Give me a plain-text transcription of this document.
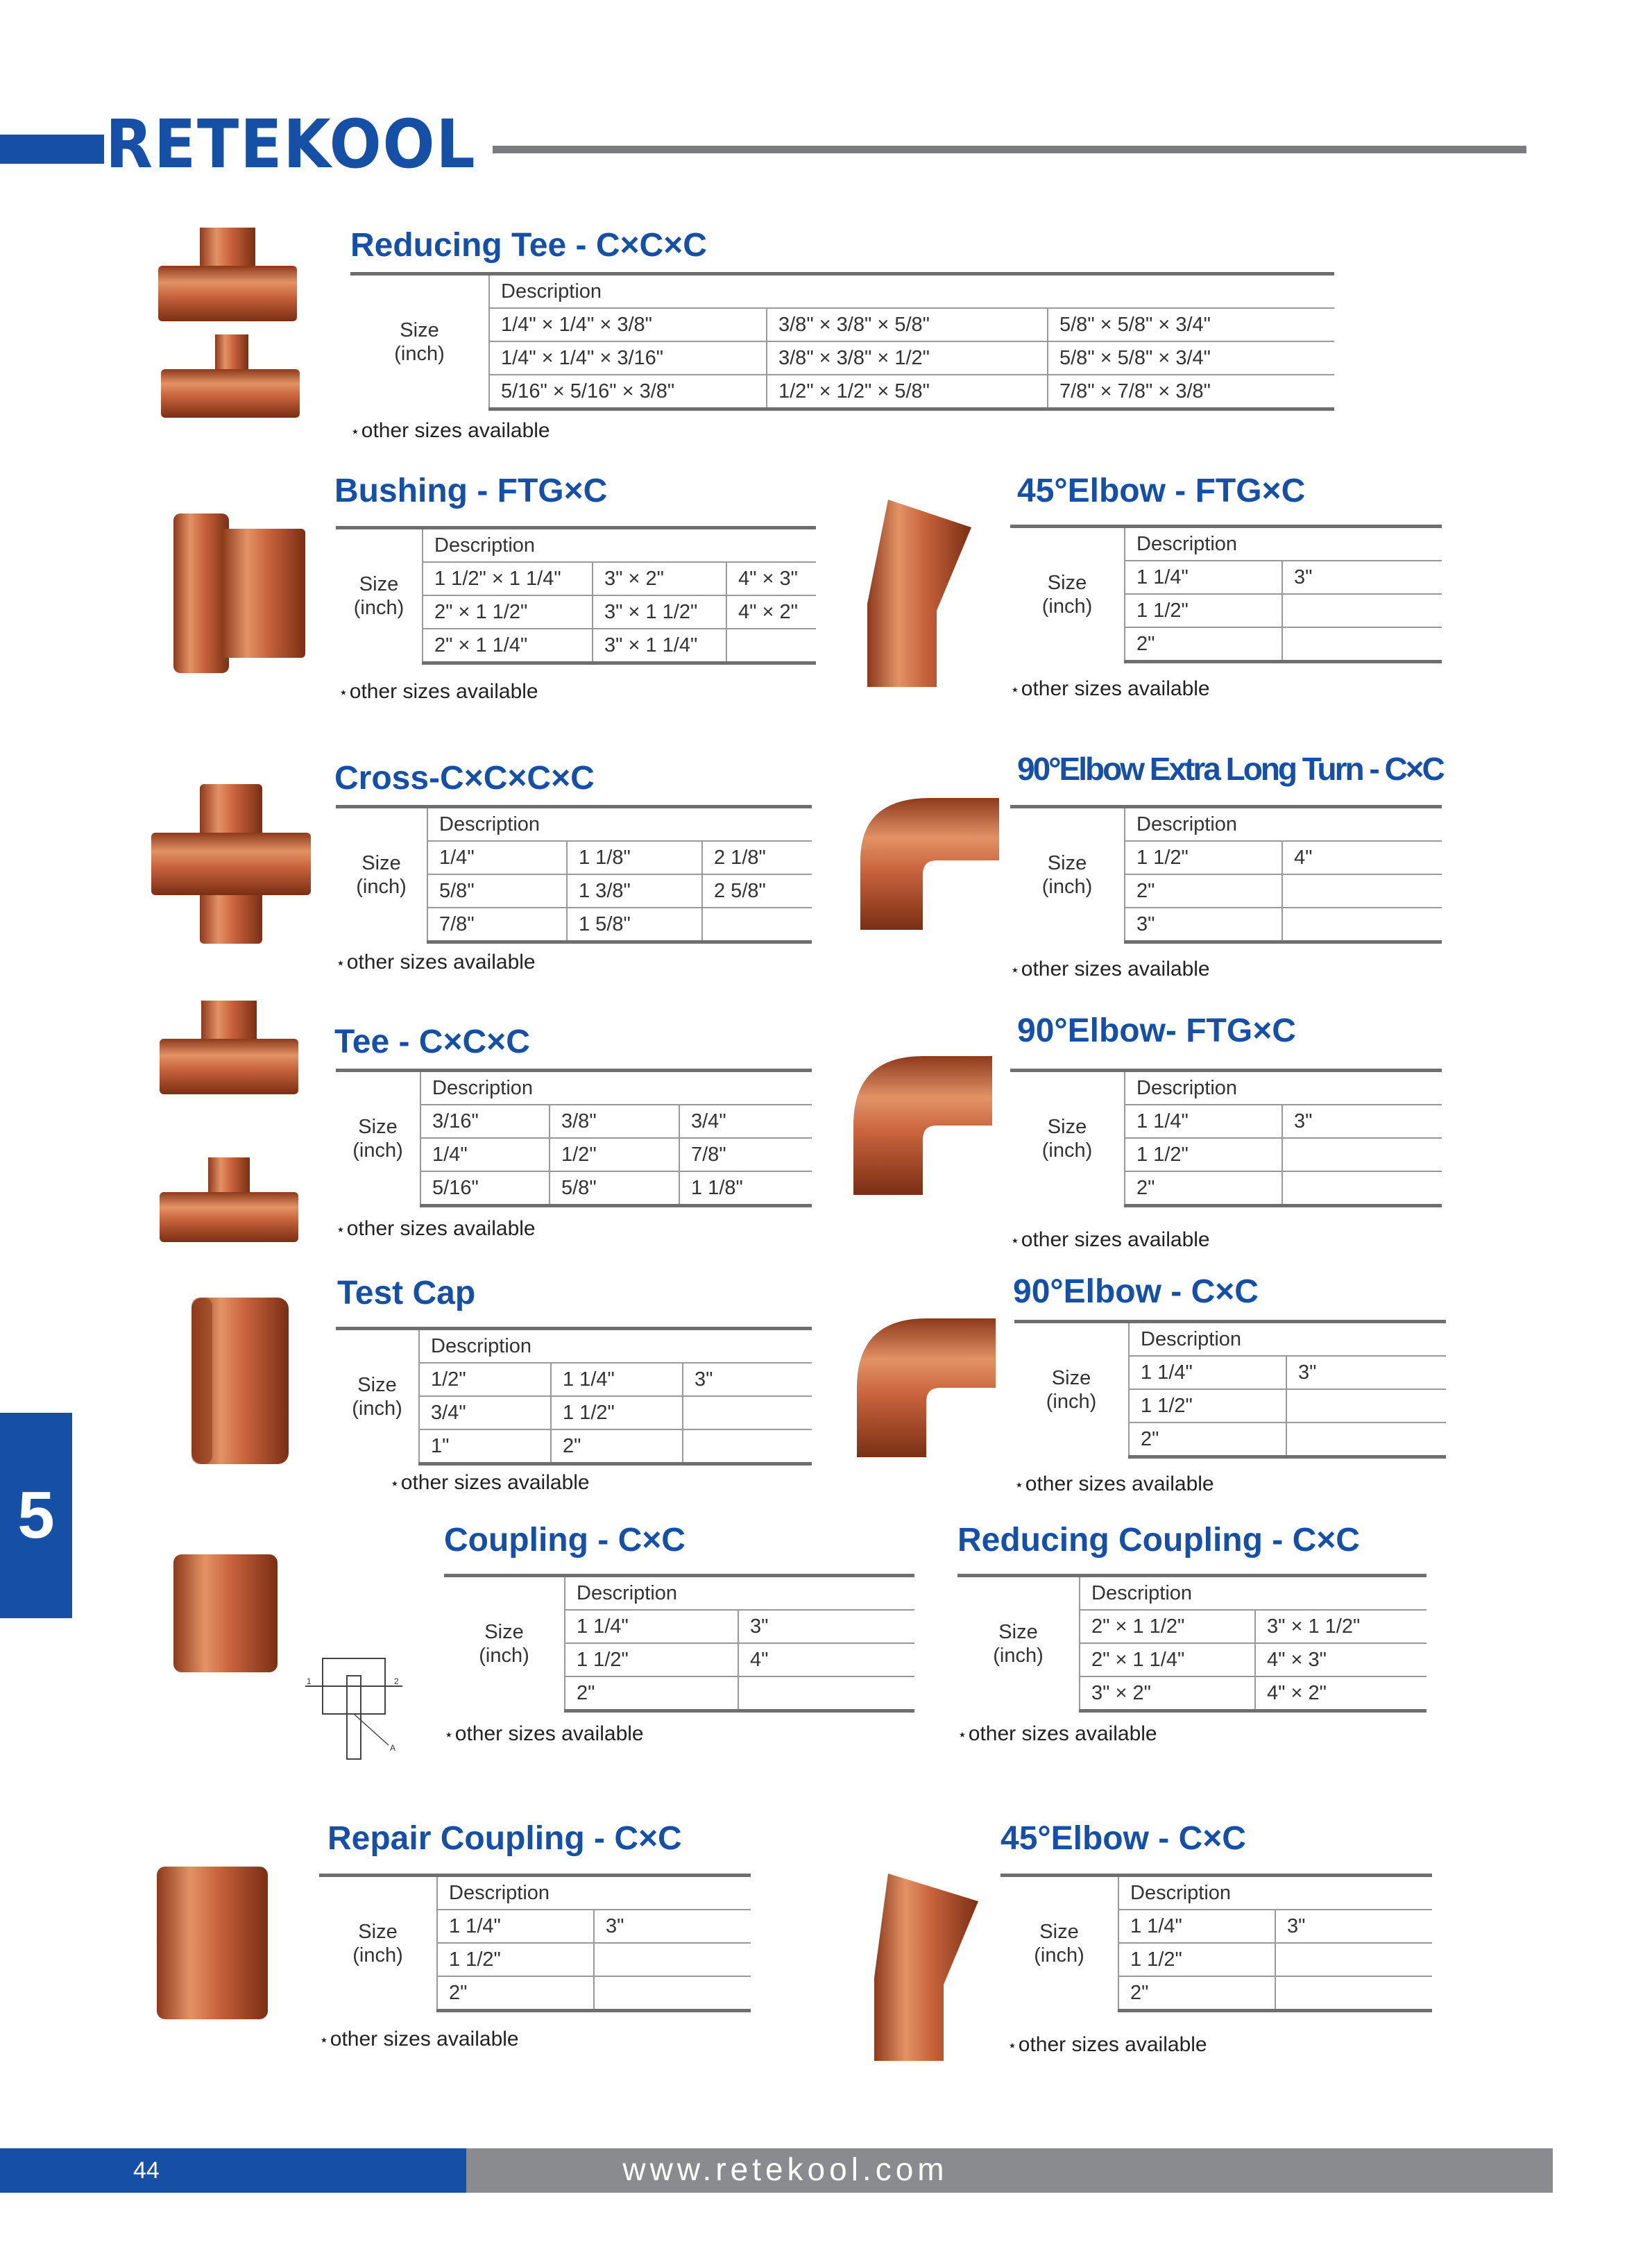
RETEKOOL
5
1	2
A
Reducing Tee - C×C×C
Size
(inch)	Description		
	1/4" × 1/4" × 3/8"	3/8" × 3/8" × 5/8"	5/8" × 5/8" × 3/4"
	1/4" × 1/4" × 3/16"	3/8" × 3/8" × 1/2"	5/8" × 5/8" × 3/4"
	5/16" × 5/16" × 3/8"	1/2" × 1/2" × 5/8"	7/8" × 7/8" × 3/8"
⋆other sizes available
Bushing - FTG×C
Size
(inch)	Description		
	1 1/2" × 1 1/4"	3" × 2"	4" × 3"
	2" × 1 1/2"	3" × 1 1/2"	4" × 2"
	2" × 1 1/4"	3" × 1 1/4"	
⋆other sizes available
45°Elbow - FTG×C
Size
(inch)	Description	
	1 1/4"	3"
	1 1/2"	
	2"	
⋆other sizes available
Cross-C×C×C×C
Size
(inch)	Description		
	1/4"	1 1/8"	2 1/8"
	5/8"	1 3/8"	2 5/8"
	7/8"	1 5/8"	
⋆other sizes available
90°Elbow Extra Long Turn - C×C
Size
(inch)	Description	
	1 1/2"	4"
	2"	
	3"	
⋆other sizes available
Tee - C×C×C
Size
(inch)	Description		
	3/16"	3/8"	3/4"
	1/4"	1/2"	7/8"
	5/16"	5/8"	1 1/8"
⋆other sizes available
90°Elbow- FTG×C
Size
(inch)	Description	
	1 1/4"	3"
	1 1/2"	
	2"	
⋆other sizes available
Test Cap
Size
(inch)	Description		
	1/2"	1 1/4"	3"
	3/4"	1 1/2"	
	1"	2"	
⋆other sizes available
90°Elbow - C×C
Size
(inch)	Description	
	1 1/4"	3"
	1 1/2"	
	2"	
⋆other sizes available
Coupling - C×C
Size
(inch)	Description	
	1 1/4"	3"
	1 1/2"	4"
	2"	
⋆other sizes available
Reducing Coupling - C×C
Size
(inch)	Description	
	2" × 1 1/2"	3" × 1 1/2"
	2" × 1 1/4"	4" × 3"
	3" × 2"	4" × 2"
⋆other sizes available
Repair Coupling - C×C
Size
(inch)	Description	
	1 1/4"	3"
	1 1/2"	
	2"	
⋆other sizes available
45°Elbow - C×C
Size
(inch)	Description	
	1 1/4"	3"
	1 1/2"	
	2"	
⋆other sizes available
44	www.retekool.com
